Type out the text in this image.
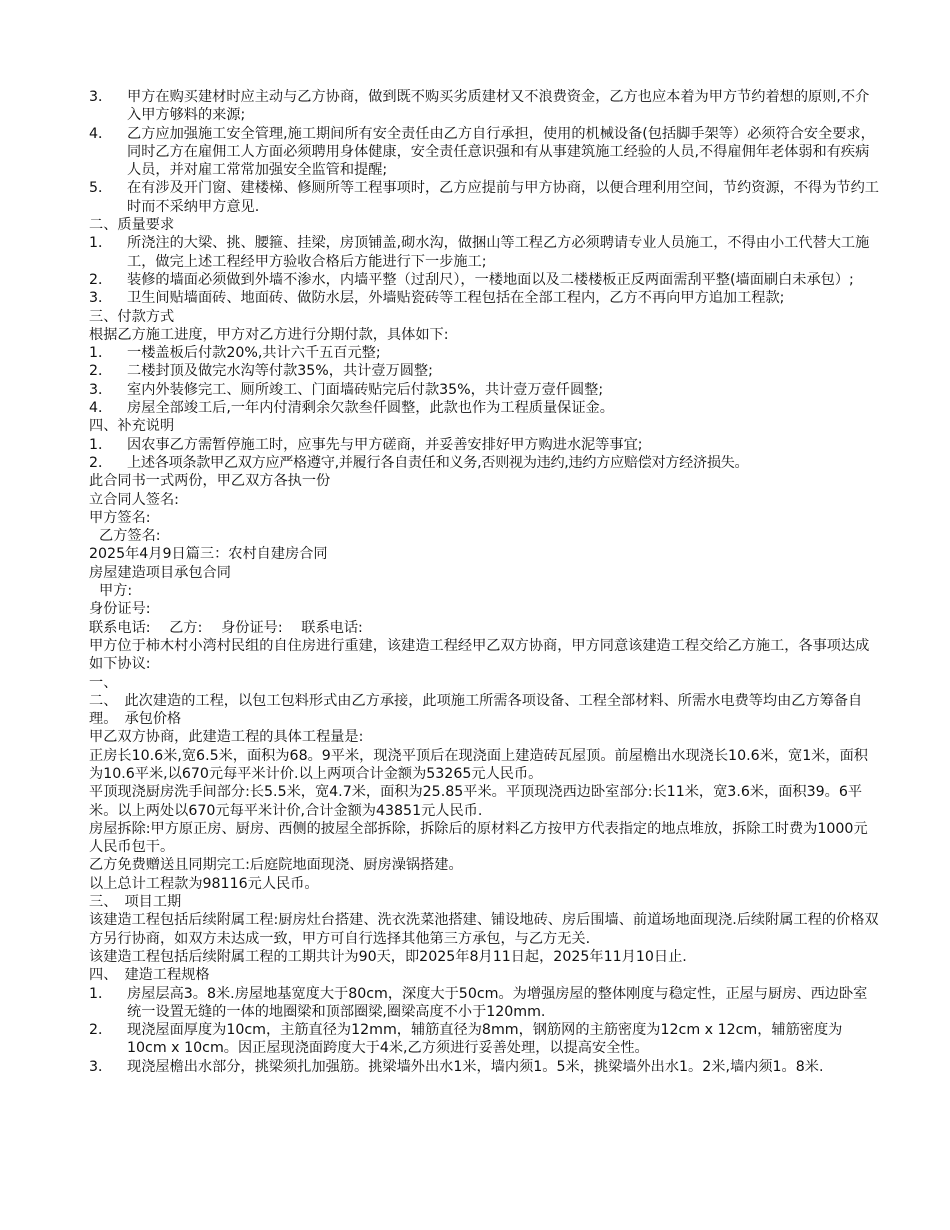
3． 甲方在购买建材时应主动与乙方协商，做到既不购买劣质建材又不浪费资金，乙方也应本着为甲方节约着想的原则,不介入甲方够料的来源;
4． 乙方应加强施工安全管理,施工期间所有安全责任由乙方自行承担，使用的机械设备(包括脚手架等）必须符合安全要求，同时乙方在雇佣工人方面必须聘用身体健康，安全责任意识强和有从事建筑施工经验的人员,不得雇佣年老体弱和有疾病人员，并对雇工常常加强安全监管和提醒;
5． 在有涉及开门窗、建楼梯、修厕所等工程事项时，乙方应提前与甲方协商，以便合理利用空间，节约资源，不得为节约工时而不采纳甲方意见.
二、质量要求
1． 所浇注的大梁、挑、腰箍、挂梁，房顶铺盖,砌水沟，做捆山等工程乙方必须聘请专业人员施工，不得由小工代替大工施工，做完上述工程经甲方验收合格后方能进行下一步施工;
2． 装修的墙面必须做到外墙不渗水，内墙平整（过刮尺），一楼地面以及二楼楼板正反两面需刮平整(墙面刷白未承包）;
3． 卫生间贴墙面砖、地面砖、做防水层，外墙贴瓷砖等工程包括在全部工程内，乙方不再向甲方追加工程款;
三、付款方式
根据乙方施工进度，甲方对乙方进行分期付款，具体如下:
1． 一楼盖板后付款20%,共计六千五百元整;
2． 二楼封顶及做完水沟等付款35%，共计壹万圆整;
3． 室内外装修完工、厕所竣工、门面墙砖贴完后付款35%，共计壹万壹仟圆整;
4． 房屋全部竣工后,一年内付清剩余欠款叁仟圆整，此款也作为工程质量保证金。
四、补充说明
1． 因农事乙方需暂停施工时，应事先与甲方磋商，并妥善安排好甲方购进水泥等事宜;
2． 上述各项条款甲乙双方应严格遵守,并履行各自责任和义务,否则视为违约,违约方应赔偿对方经济损失。
此合同书一式两份，甲乙双方各执一份
立合同人签名:
甲方签名:
乙方签名:
2025年4月9日篇三：农村自建房合同
房屋建造项目承包合同
甲方:
身份证号:
联系电话:　 乙方:　 身份证号:　 联系电话:
甲方位于柿木村小湾村民组的自住房进行重建，该建造工程经甲乙双方协商，甲方同意该建造工程交给乙方施工，各事项达成如下协议:
一、
二、　此次建造的工程，以包工包料形式由乙方承接，此项施工所需各项设备、工程全部材料、所需水电费等均由乙方筹备自理。　承包价格
甲乙双方协商，此建造工程的具体工程量是:
正房长10.6米,宽6.5米，面积为68。9平米，现浇平顶后在现浇面上建造砖瓦屋顶。前屋檐出水现浇长10.6米，宽1米，面积为10.6平米,以670元每平米计价.以上两项合计金额为53265元人民币。
平顶现浇厨房洗手间部分:长5.5米，宽4.7米，面积为25.85平米。平顶现浇西边卧室部分:长11米，宽3.6米，面积39。6平米。以上两处以670元每平米计价,合计金额为43851元人民币.
房屋拆除:甲方原正房、厨房、西侧的披屋全部拆除，拆除后的原材料乙方按甲方代表指定的地点堆放，拆除工时费为1000元人民币包干。
乙方免费赠送且同期完工:后庭院地面现浇、厨房澡锅搭建。
以上总计工程款为98116元人民币。
三、　项目工期
该建造工程包括后续附属工程:厨房灶台搭建、洗衣洗菜池搭建、铺设地砖、房后围墙、前道场地面现浇.后续附属工程的价格双方另行协商，如双方未达成一致，甲方可自行选择其他第三方承包，与乙方无关.
该建造工程包括后续附属工程的工期共计为90天，即2025年8月11日起，2025年11月10日止.
四、　建造工程规格
1． 房屋层高3。8米.房屋地基宽度大于80cm，深度大于50cm。为增强房屋的整体刚度与稳定性，正屋与厨房、西边卧室统一设置无缝的一体的地圈梁和顶部圈梁,圈梁高度不小于120mm.
2． 现浇屋面厚度为10cm，主筋直径为12mm，辅筋直径为8mm，钢筋网的主筋密度为12cm x 12cm，辅筋密度为10cm x 10cm。因正屋现浇面跨度大于4米,乙方须进行妥善处理，以提高安全性。
3． 现浇屋檐出水部分，挑梁须扎加强筋。挑梁墙外出水1米，墙内须1。5米，挑梁墙外出水1。2米,墙内须1。8米.
